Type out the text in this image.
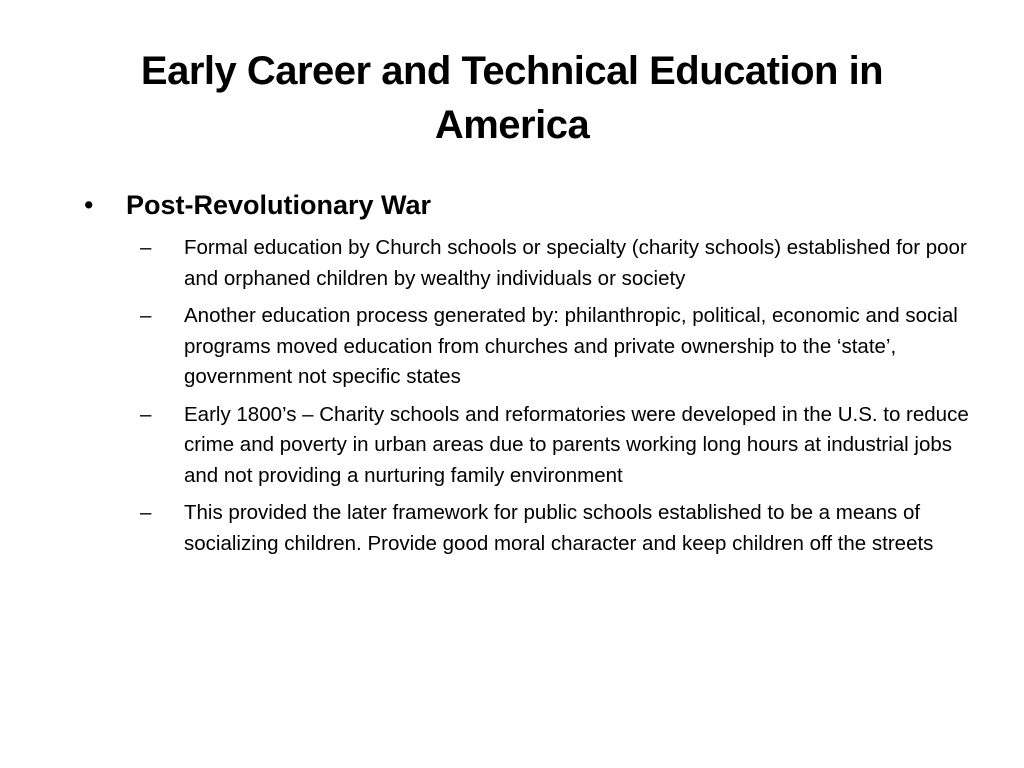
Early Career and Technical Education in America
•	Post-Revolutionary War
–	Formal education by Church schools or specialty (charity schools) established for poor and orphaned children by wealthy individuals or society
–	Another education process generated by: philanthropic, political, economic and social programs moved education from churches and private ownership to the ‘state’, government not specific states
–	Early 1800’s – Charity schools and reformatories were developed in the U.S. to reduce crime and poverty in urban areas due to parents working long hours at industrial jobs and not providing a nurturing family environment
–	This provided the later framework for public schools established to be a means of socializing children. Provide good moral character and keep children off the streets
